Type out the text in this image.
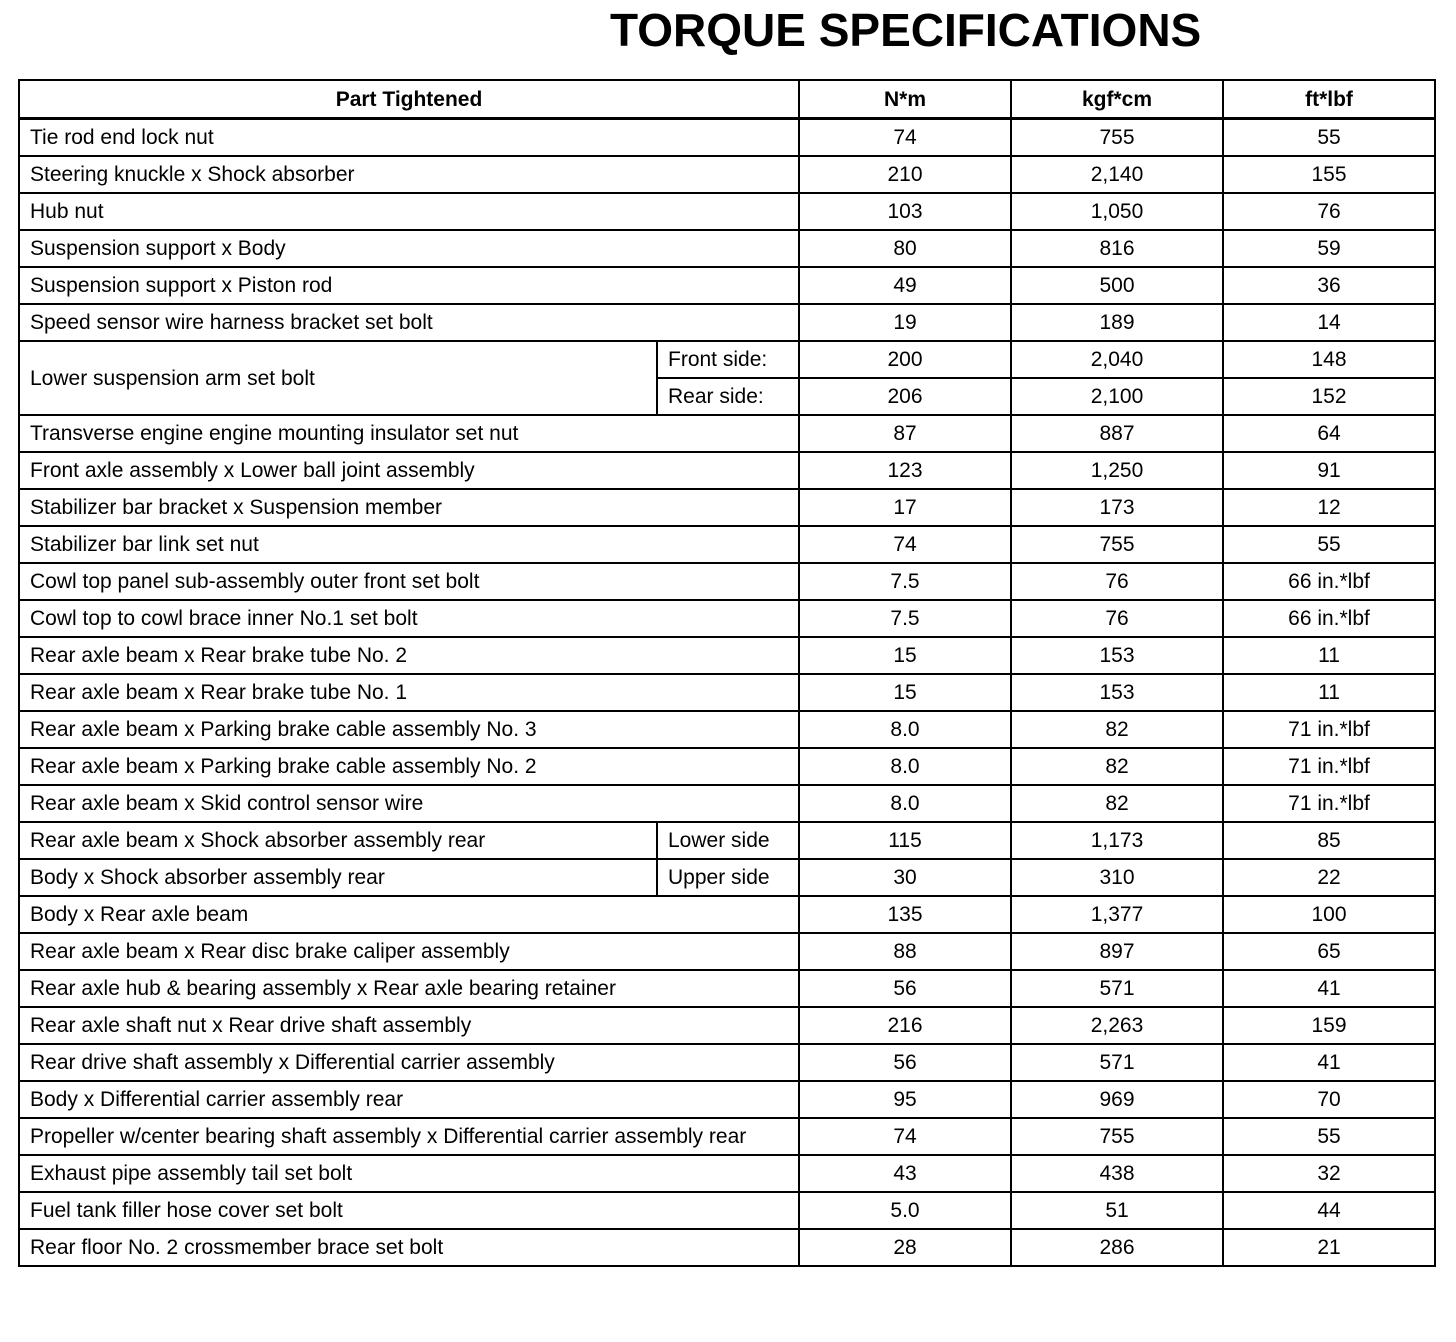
TORQUE SPECIFICATIONS
Part Tightened		N*m	kgf*cm	ft*lbf
Tie rod end lock nut		74	755	55
Steering knuckle x Shock absorber		210	2,140	155
Hub nut		103	1,050	76
Suspension support x Body		80	816	59
Suspension support x Piston rod		49	500	36
Speed sensor wire harness bracket set bolt		19	189	14
Lower suspension arm set bolt	Front side:	200	2,040	148
	Rear side:	206	2,100	152
Transverse engine engine mounting insulator set nut		87	887	64
Front axle assembly x Lower ball joint assembly		123	1,250	91
Stabilizer bar bracket x Suspension member		17	173	12
Stabilizer bar link set nut		74	755	55
Cowl top panel sub-assembly outer front set bolt		7.5	76	66 in.*lbf
Cowl top to cowl brace inner No.1 set bolt		7.5	76	66 in.*lbf
Rear axle beam x Rear brake tube No. 2		15	153	11
Rear axle beam x Rear brake tube No. 1		15	153	11
Rear axle beam x Parking brake cable assembly No. 3		8.0	82	71 in.*lbf
Rear axle beam x Parking brake cable assembly No. 2		8.0	82	71 in.*lbf
Rear axle beam x Skid control sensor wire		8.0	82	71 in.*lbf
Rear axle beam x Shock absorber assembly rear	Lower side	115	1,173	85
Body x Shock absorber assembly rear	Upper side	30	310	22
Body x Rear axle beam		135	1,377	100
Rear axle beam x Rear disc brake caliper assembly		88	897	65
Rear axle hub & bearing assembly x Rear axle bearing retainer		56	571	41
Rear axle shaft nut x Rear drive shaft assembly		216	2,263	159
Rear drive shaft assembly x Differential carrier assembly		56	571	41
Body x Differential carrier assembly rear		95	969	70
Propeller w/center bearing shaft assembly x Differential carrier assembly rear		74	755	55
Exhaust pipe assembly tail set bolt		43	438	32
Fuel tank filler hose cover set bolt		5.0	51	44
Rear floor No. 2 crossmember brace set bolt		28	286	21
